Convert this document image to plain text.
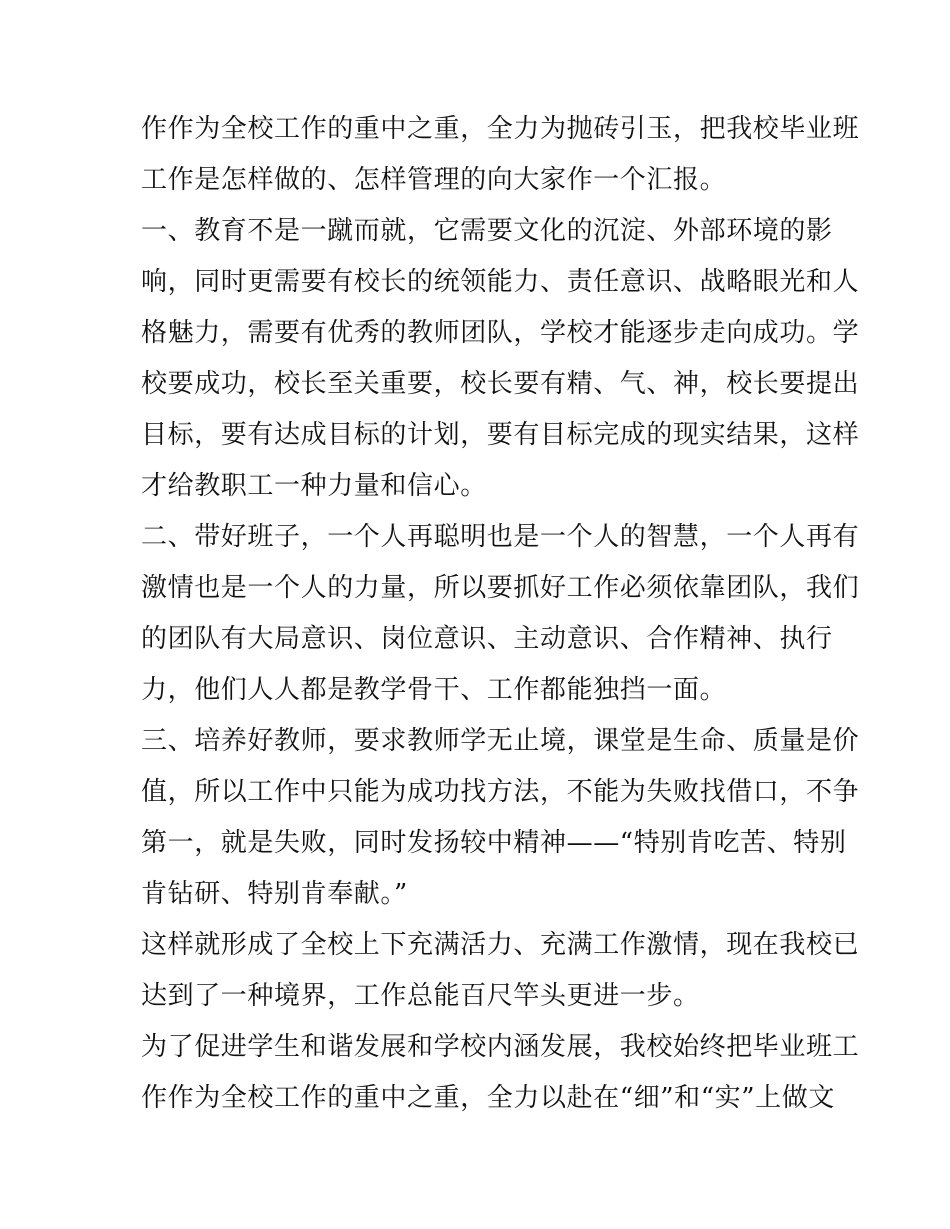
作作为全校工作的重中之重，全力为抛砖引玉，把我校毕业班
工作是怎样做的、怎样管理的向大家作一个汇报。
一、教育不是一蹴而就，它需要文化的沉淀、外部环境的影
响，同时更需要有校长的统领能力、责任意识、战略眼光和人
格魅力，需要有优秀的教师团队，学校才能逐步走向成功。学
校要成功，校长至关重要，校长要有精、气、神，校长要提出
目标，要有达成目标的计划，要有目标完成的现实结果，这样
才给教职工一种力量和信心。
二、带好班子，一个人再聪明也是一个人的智慧，一个人再有
激情也是一个人的力量，所以要抓好工作必须依靠团队，我们
的团队有大局意识、岗位意识、主动意识、合作精神、执行
力，他们人人都是教学骨干、工作都能独挡一面。
三、培养好教师，要求教师学无止境，课堂是生命、质量是价
值，所以工作中只能为成功找方法，不能为失败找借口，不争
第一，就是失败，同时发扬较中精神——“特别肯吃苦、特别
肯钻研、特别肯奉献。”
这样就形成了全校上下充满活力、充满工作激情，现在我校已
达到了一种境界，工作总能百尺竿头更进一步。
为了促进学生和谐发展和学校内涵发展，我校始终把毕业班工
作作为全校工作的重中之重，全力以赴在“细”和“实”上做文
